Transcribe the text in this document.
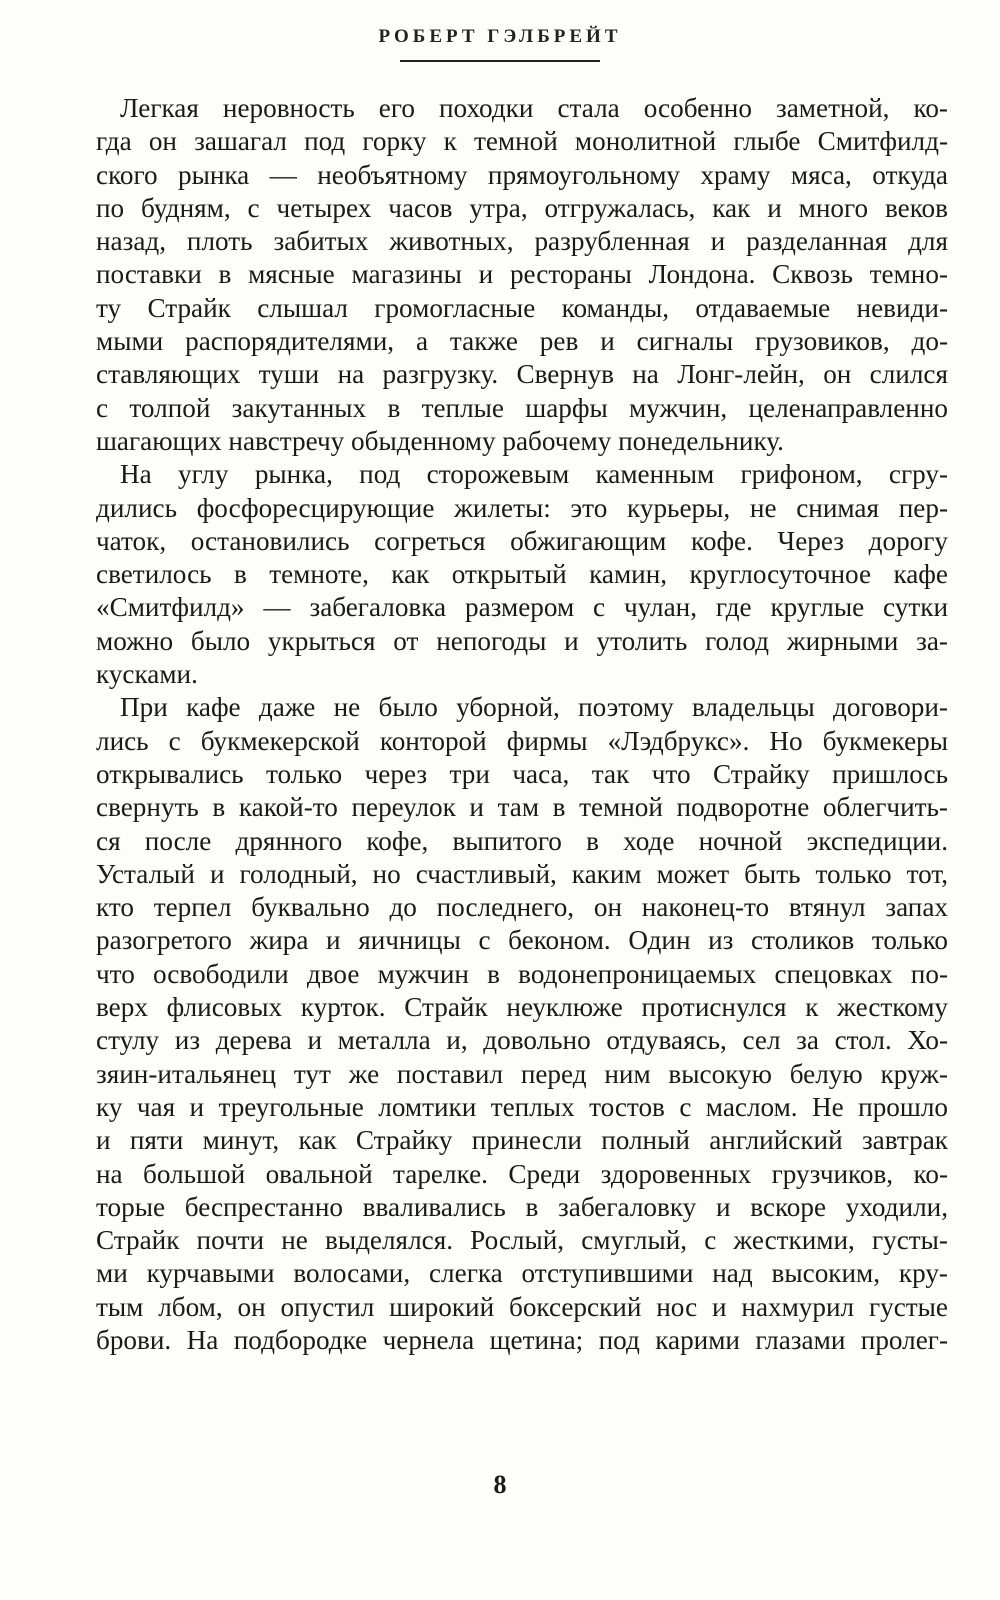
РОБЕРТ ГЭЛБРЕЙТ

Легкая неровность его походки стала особенно заметной, ко-
гда он зашагал под горку к темной монолитной глыбе Смитфилд-
ского рынка — необъятному прямоугольному храму мяса, откуда
по будням, с четырех часов утра, отгружалась, как и много веков
назад, плоть забитых животных, разрубленная и разделанная для
поставки в мясные магазины и рестораны Лондона. Сквозь темно-
ту Страйк слышал громогласные команды, отдаваемые невиди-
мыми распорядителями, а также рев и сигналы грузовиков, до-
ставляющих туши на разгрузку. Свернув на Лонг-лейн, он слился
с толпой закутанных в теплые шарфы мужчин, целенаправленно
шагающих навстречу обыденному рабочему понедельнику.

На углу рынка, под сторожевым каменным грифоном, сгру-
дились фосфоресцирующие жилеты: это курьеры, не снимая пер-
чаток, остановились согреться обжигающим кофе. Через дорогу
светилось в темноте, как открытый камин, круглосуточное кафе
«Смитфилд» — забегаловка размером с чулан, где круглые сутки
можно было укрыться от непогоды и утолить голод жирными за-
кусками.

При кафе даже не было уборной, поэтому владельцы договори-
лись с букмекерской конторой фирмы «Лэдбрукс». Но букмекеры
открывались только через три часа, так что Страйку пришлось
свернуть в какой-то переулок и там в темной подворотне облегчить-
ся после дрянного кофе, выпитого в ходе ночной экспедиции.
Усталый и голодный, но счастливый, каким может быть только тот,
кто терпел буквально до последнего, он наконец-то втянул запах
разогретого жира и яичницы с беконом. Один из столиков только
что освободили двое мужчин в водонепроницаемых спецовках по-
верх флисовых курток. Страйк неуклюже протиснулся к жесткому
стулу из дерева и металла и, довольно отдуваясь, сел за стол. Хо-
зяин-итальянец тут же поставил перед ним высокую белую круж-
ку чая и треугольные ломтики теплых тостов с маслом. Не прошло
и пяти минут, как Страйку принесли полный английский завтрак
на большой овальной тарелке. Среди здоровенных грузчиков, ко-
торые беспрестанно вваливались в забегаловку и вскоре уходили,
Страйк почти не выделялся. Рослый, смуглый, с жесткими, густы-
ми курчавыми волосами, слегка отступившими над высоким, кру-
тым лбом, он опустил широкий боксерский нос и нахмурил густые
брови. На подбородке чернела щетина; под карими глазами пролег-

8
